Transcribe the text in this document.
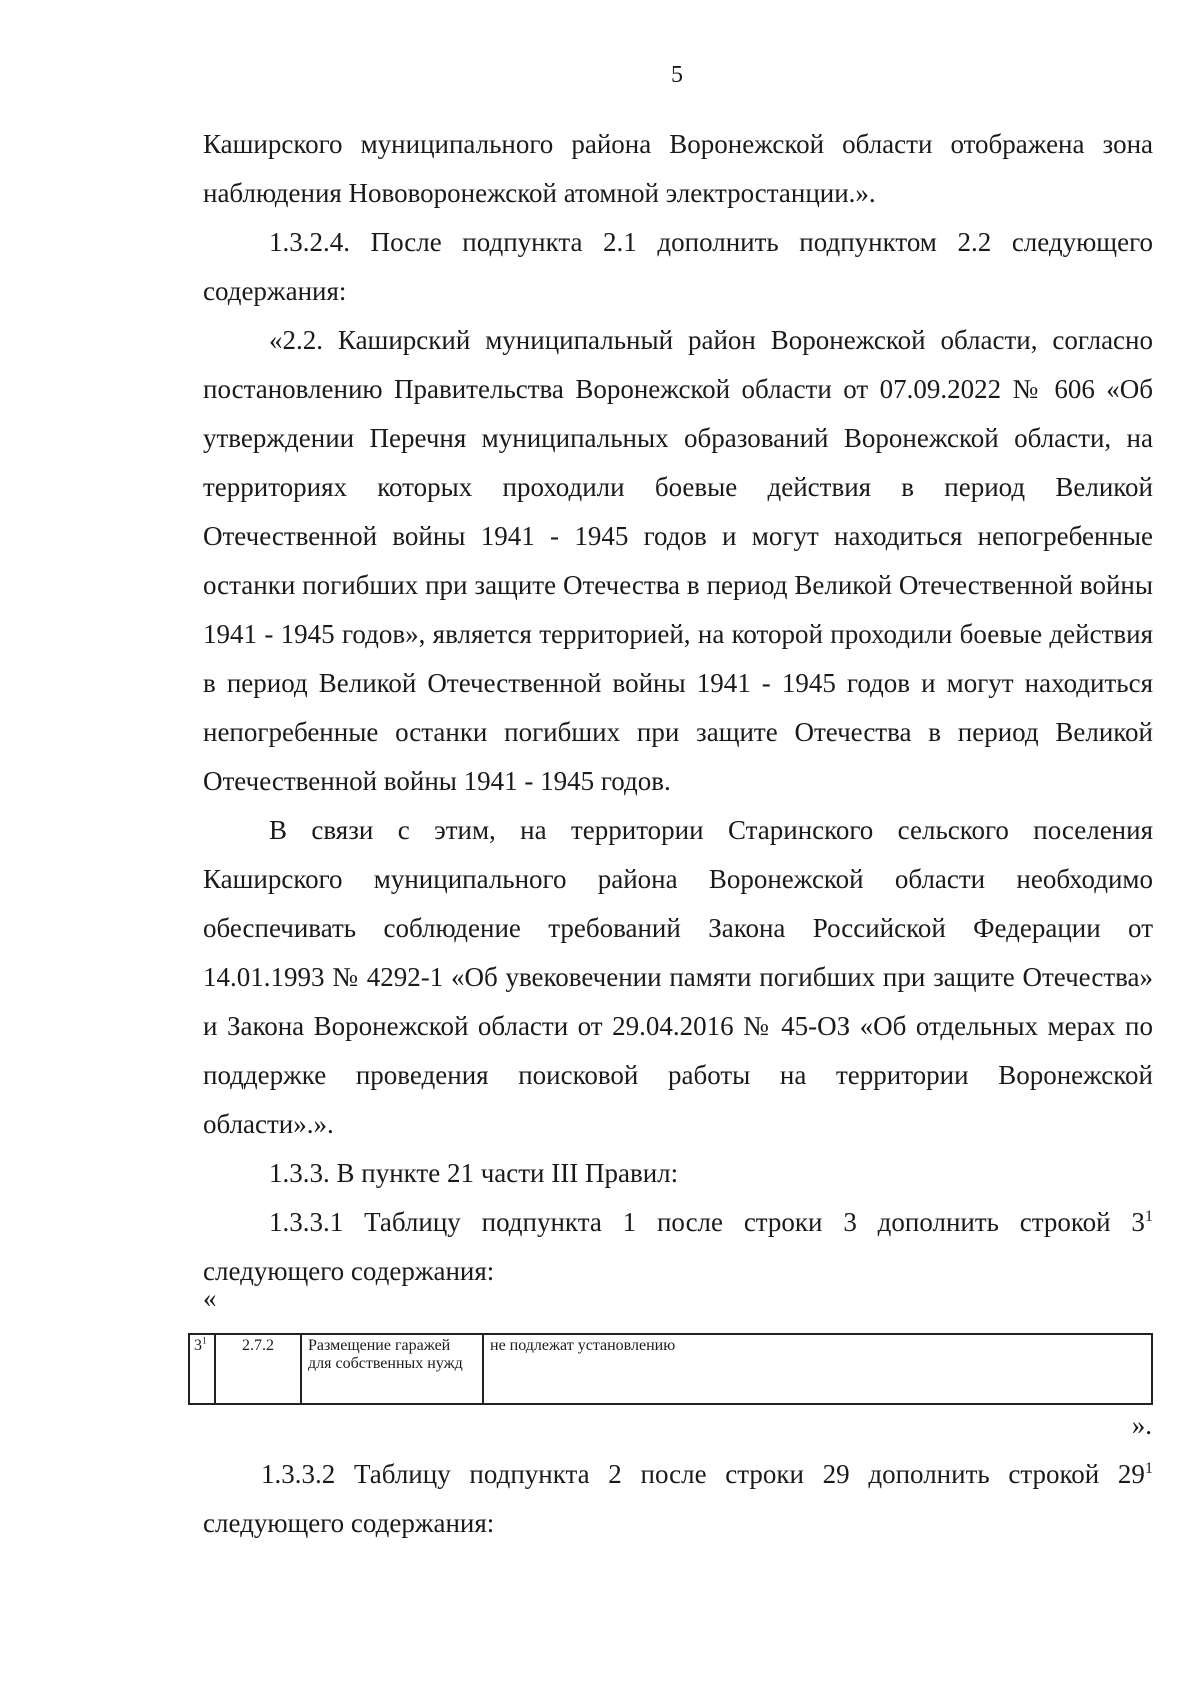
5

Каширского муниципального района Воронежской области отображена зона наблюдения Нововоронежской атомной электростанции.».

1.3.2.4. После подпункта 2.1 дополнить подпунктом 2.2 следующего содержания:

«2.2. Каширский муниципальный район Воронежской области, согласно постановлению Правительства Воронежской области от 07.09.2022 № 606 «Об утверждении Перечня муниципальных образований Воронежской области, на территориях которых проходили боевые действия в период Великой Отечественной войны 1941 - 1945 годов и могут находиться непогребенные останки погибших при защите Отечества в период Великой Отечественной войны 1941 - 1945 годов», является территорией, на которой проходили боевые действия в период Великой Отечественной войны 1941 - 1945 годов и могут находиться непогребенные останки погибших при защите Отечества в период Великой Отечественной войны 1941 - 1945 годов.

В связи с этим, на территории Старинского сельского поселения Каширского муниципального района Воронежской области необходимо обеспечивать соблюдение требований Закона Российской Федерации от 14.01.1993 № 4292-1 «Об увековечении памяти погибших при защите Отечества» и Закона Воронежской области от 29.04.2016 № 45-ОЗ «Об отдельных мерах по поддержке проведения поисковой работы на территории Воронежской области».».

1.3.3. В пункте 21 части III Правил:

1.3.3.1 Таблицу подпункта 1 после строки 3 дополнить строкой $3^1$ следующего содержания:

«
$3^1$	2.7.2	Размещение гаражей для собственных нужд	не подлежат установлению
».

1.3.3.2 Таблицу подпункта 2 после строки 29 дополнить строкой $29^1$ следующего содержания:
